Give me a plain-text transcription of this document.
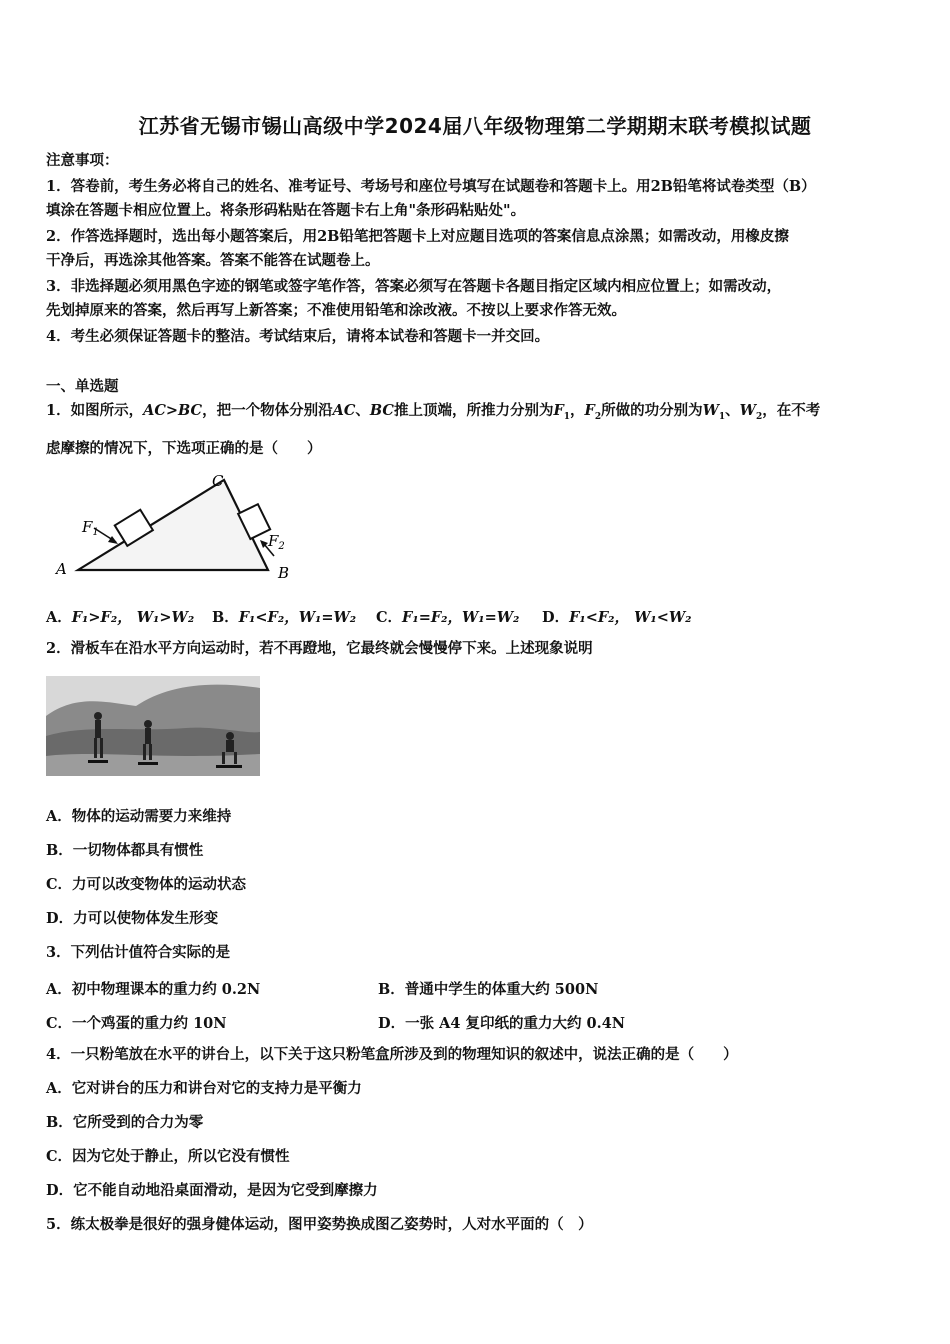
江苏省无锡市锡山高级中学2024届八年级物理第二学期期末联考模拟试题
注意事项：
1．答卷前，考生务必将自己的姓名、准考证号、考场号和座位号填写在试题卷和答题卡上。用2B铅笔将试卷类型（B）
填涂在答题卡相应位置上。将条形码粘贴在答题卡右上角"条形码粘贴处"。
2．作答选择题时，选出每小题答案后，用2B铅笔把答题卡上对应题目选项的答案信息点涂黑；如需改动，用橡皮擦
干净后，再选涂其他答案。答案不能答在试题卷上。
3．非选择题必须用黑色字迹的钢笔或签字笔作答，答案必须写在答题卡各题目指定区域内相应位置上；如需改动，
先划掉原来的答案，然后再写上新答案；不准使用铅笔和涂改液。不按以上要求作答无效。
4．考生必须保证答题卡的整洁。考试结束后，请将本试卷和答题卡一并交回。
一、单选题
1．如图所示，AC>BC，把一个物体分别沿AC、BC推上顶端，所推力分别为$F_1$，$F_2$所做的功分别为$W_1$、$W_2$，在不考
虑摩擦的情况下，下选项正确的是（　　）
A	B
C
$F_1$	$F_2$
A．F₁>F₂， W₁>W₂ B．F₁<F₂，W₁=W₂ C．F₁=F₂，W₁=W₂ D．F₁<F₂， W₁<W₂
2．滑板车在沿水平方向运动时，若不再蹬地，它最终就会慢慢停下来。上述现象说明
A．物体的运动需要力来维持
B．一切物体都具有惯性
C．力可以改变物体的运动状态
D．力可以使物体发生形变
3．下列估计值符合实际的是
A．初中物理课本的重力约 0.2N	B．普通中学生的体重大约 500N
C．一个鸡蛋的重力约 10N	D．一张 A4 复印纸的重力大约 0.4N
4．一只粉笔放在水平的讲台上，以下关于这只粉笔盒所涉及到的物理知识的叙述中，说法正确的是（　　）
A．它对讲台的压力和讲台对它的支持力是平衡力
B．它所受到的合力为零
C．因为它处于静止，所以它没有惯性
D．它不能自动地沿桌面滑动，是因为它受到摩擦力
5．练太极拳是很好的强身健体运动，图甲姿势换成图乙姿势时，人对水平面的（　）
